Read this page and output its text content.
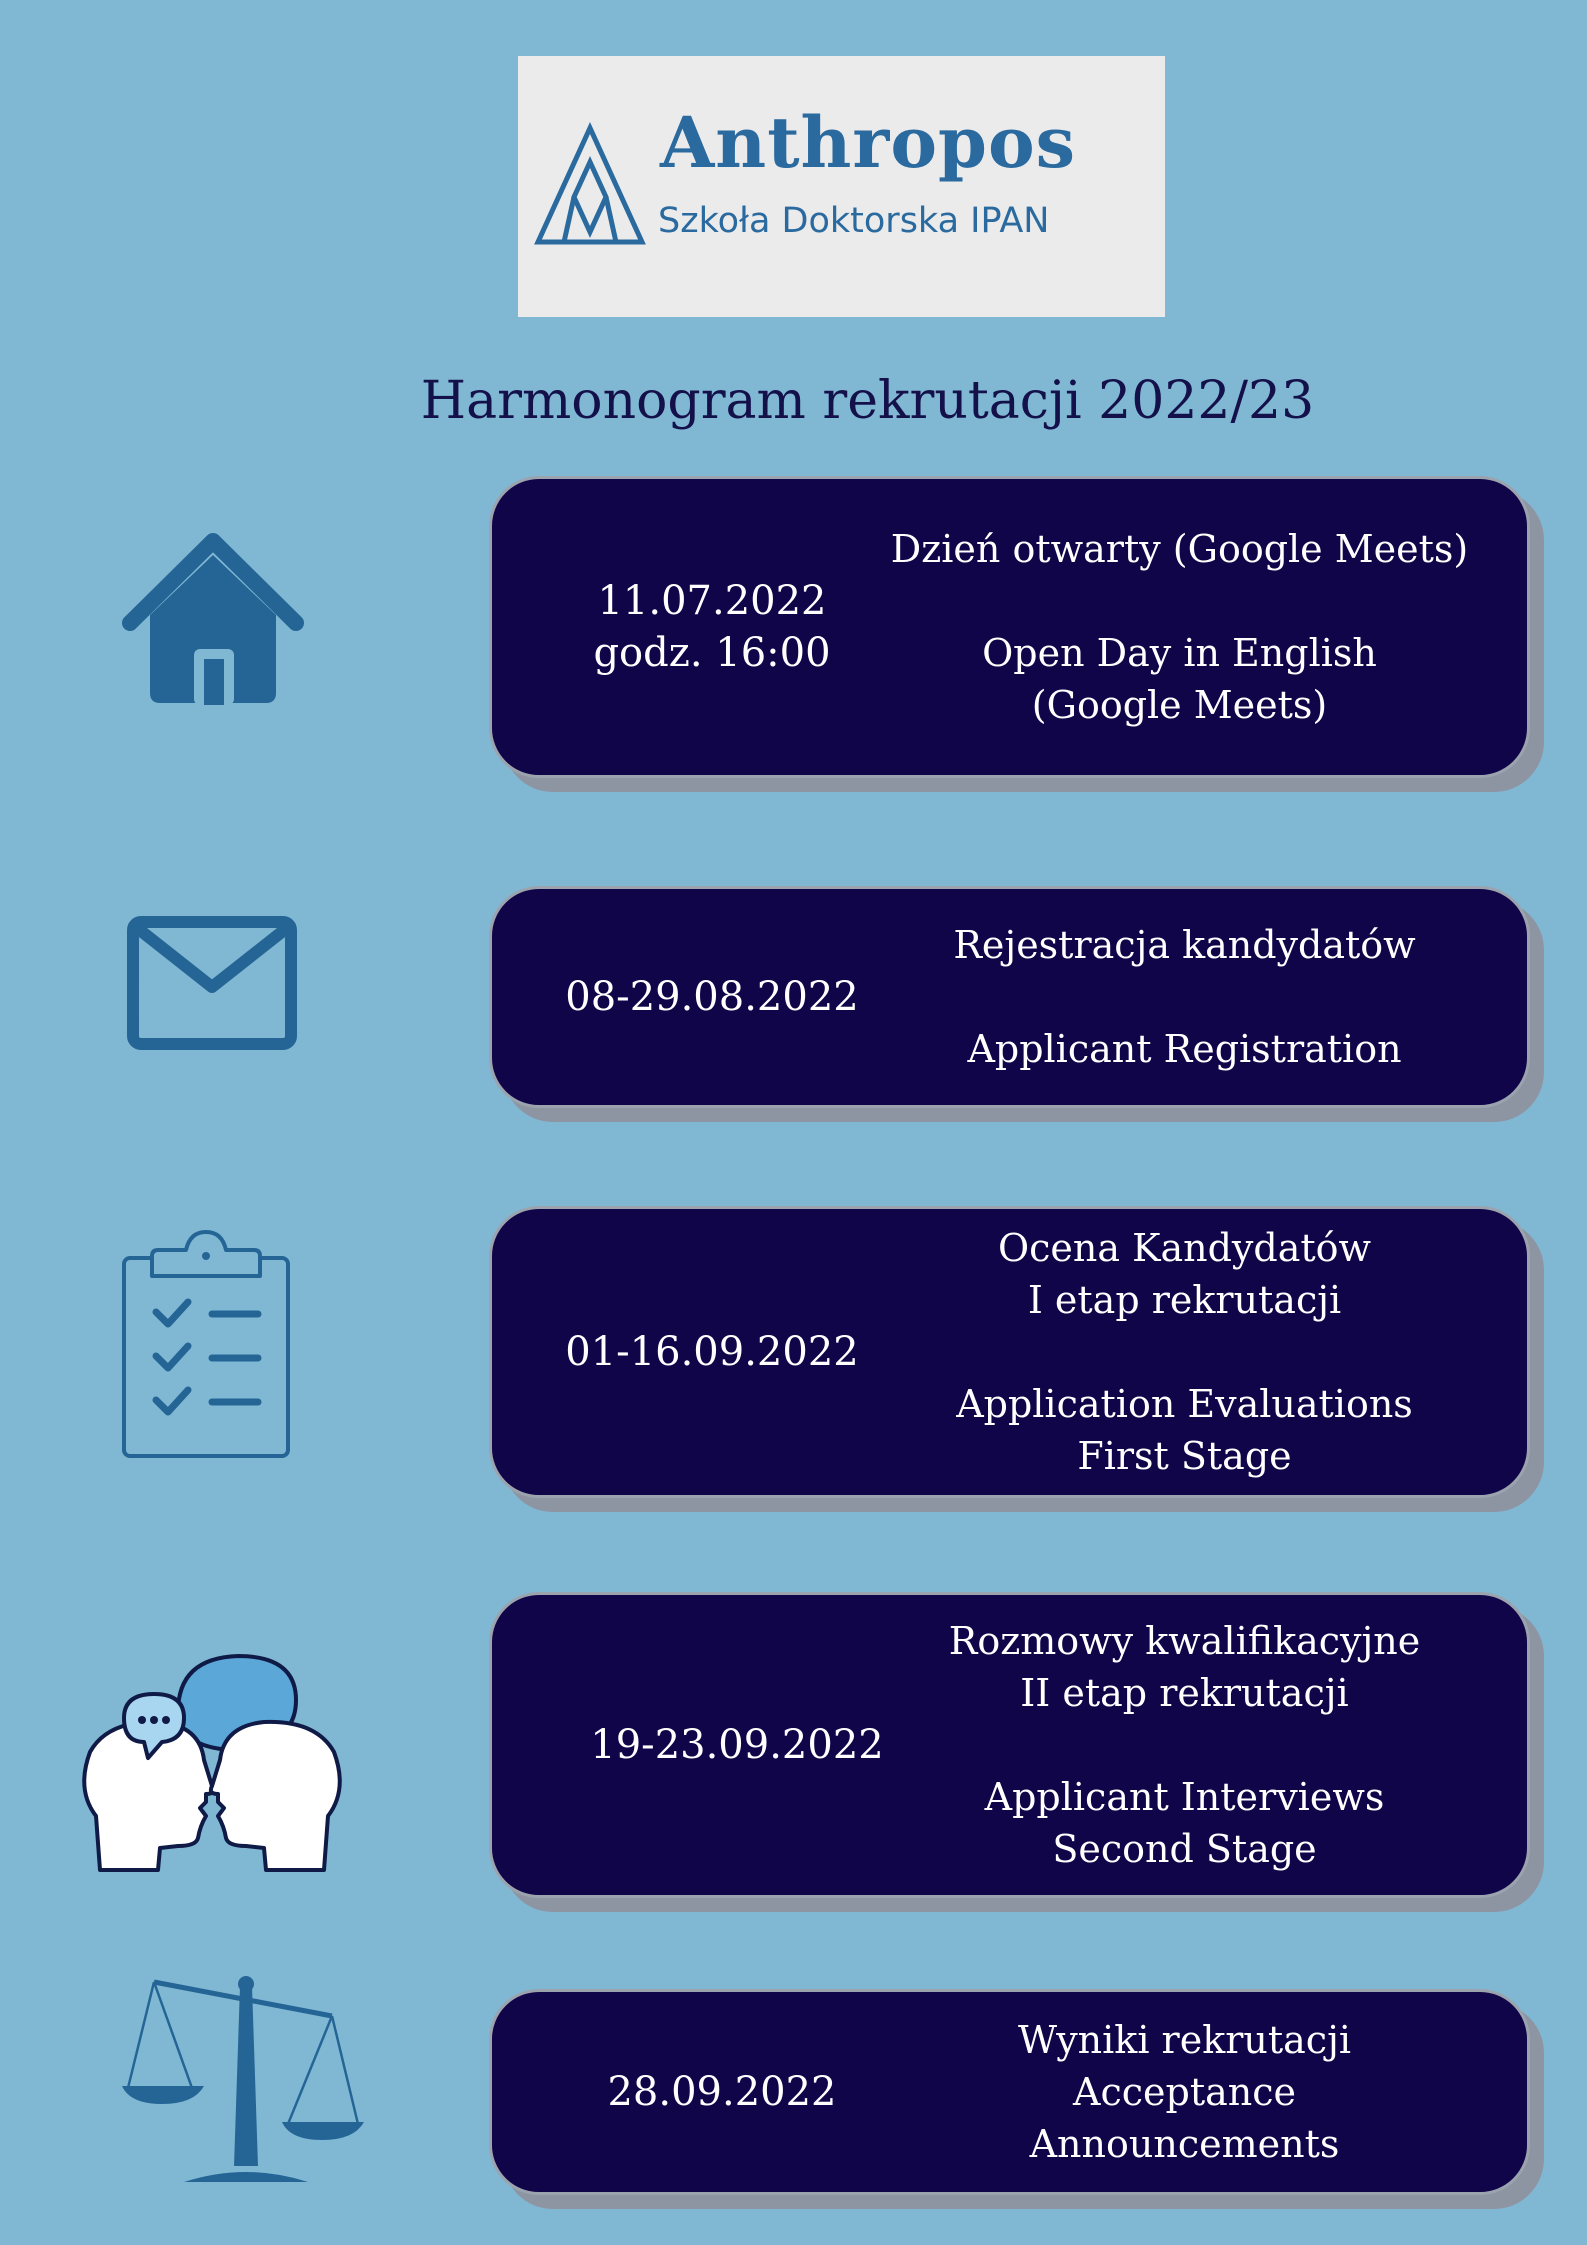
Anthropos
Szkoła Doktorska IPAN
Harmonogram rekrutacji 2022/23
11.07.2022
godz. 16:00
Dzień otwarty (Google Meets)

Open Day in English
(Google Meets)
08-29.08.2022
Rejestracja kandydatów

Applicant Registration
01-16.09.2022
Ocena Kandydatów
I etap rekrutacji

Application Evaluations
First Stage
19-23.09.2022
Rozmowy kwalifikacyjne
II etap rekrutacji

Applicant Interviews
Second Stage
28.09.2022
Wyniki rekrutacji
Acceptance
Announcements
